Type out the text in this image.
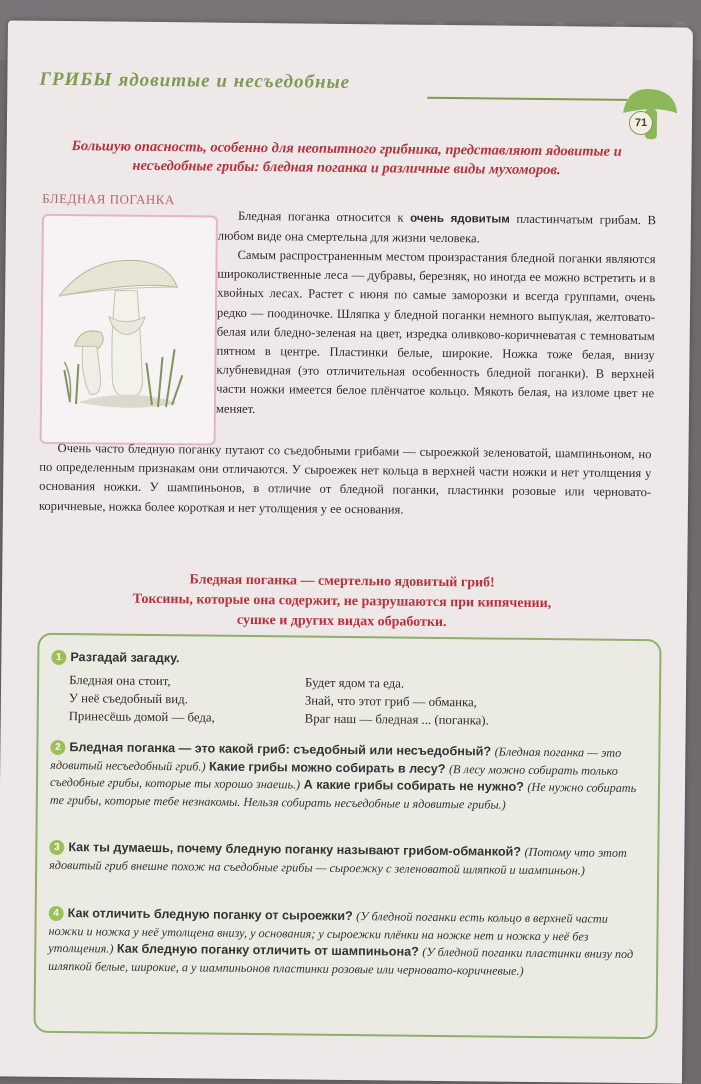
ГРИБЫ ядовитые и несъедобные
71
Большую опасность, особенно для неопытного грибника, представляют ядовитые и несъедобные грибы: бледная поганка и различные виды мухоморов.
БЛЕДНАЯ ПОГАНКА

Бледная поганка относится к очень ядовитым пластинчатым грибам. В любом виде она смертельна для жизни человека.

Самым распространенным местом произрастания бледной поганки являются широколиственные леса — дубравы, березняк, но иногда ее можно встретить и в хвойных лесах. Растет с июня по самые заморозки и всегда группами, очень редко — поодиночке. Шляпка у бледной поганки немного выпуклая, желтовато-белая или бледно-зеленая на цвет, изредка оливково-коричневатая с темноватым пятном в центре. Пластинки белые, широкие. Ножка тоже белая, внизу клубневидная (это отличительная особенность бледной поганки). В верхней части ножки имеется белое плёнчатое кольцо. Мякоть белая, на изломе цвет не меняет.

Очень часто бледную поганку путают со съедобными грибами — сыроежкой зеленоватой, шампиньоном, но по определенным признакам они отличаются. У сыроежек нет кольца в верхней части ножки и нет утолщения у основания ножки. У шампиньонов, в отличие от бледной поганки, пластинки розовые или черновато-коричневые, ножка более короткая и нет утолщения у ее основания.
Бледная поганка — смертельно ядовитый гриб!
Токсины, которые она содержит, не разрушаются при кипячении,
сушке и других видах обработки.
1 Разгадай загадку.
Бледная она стоит,
У неё съедобный вид.
Принесёшь домой — беда,
Будет ядом та еда.
Знай, что этот гриб — обманка,
Враг наш — бледная ... (поганка).
2 Бледная поганка — это какой гриб: съедобный или несъедобный? (Бледная поганка — это ядовитый несъедобный гриб.) Какие грибы можно собирать в лесу? (В лесу можно собирать только съедобные грибы, которые ты хорошо знаешь.) А какие грибы собирать не нужно? (Не нужно собирать те грибы, которые тебе незнакомы. Нельзя собирать несъедобные и ядовитые грибы.)
3 Как ты думаешь, почему бледную поганку называют грибом-обманкой? (Потому что этот ядовитый гриб внешне похож на съедобные грибы — сыроежку с зеленоватой шляпкой и шампиньон.)
4 Как отличить бледную поганку от сыроежки? (У бледной поганки есть кольцо в верхней части ножки и ножка у неё утолщена внизу, у основания; у сыроежки плёнки на ножке нет и ножка у неё без утолщения.) Как бледную поганку отличить от шампиньона? (У бледной поганки пластинки внизу под шляпкой белые, широкие, а у шампиньонов пластинки розовые или черновато-коричневые.)
